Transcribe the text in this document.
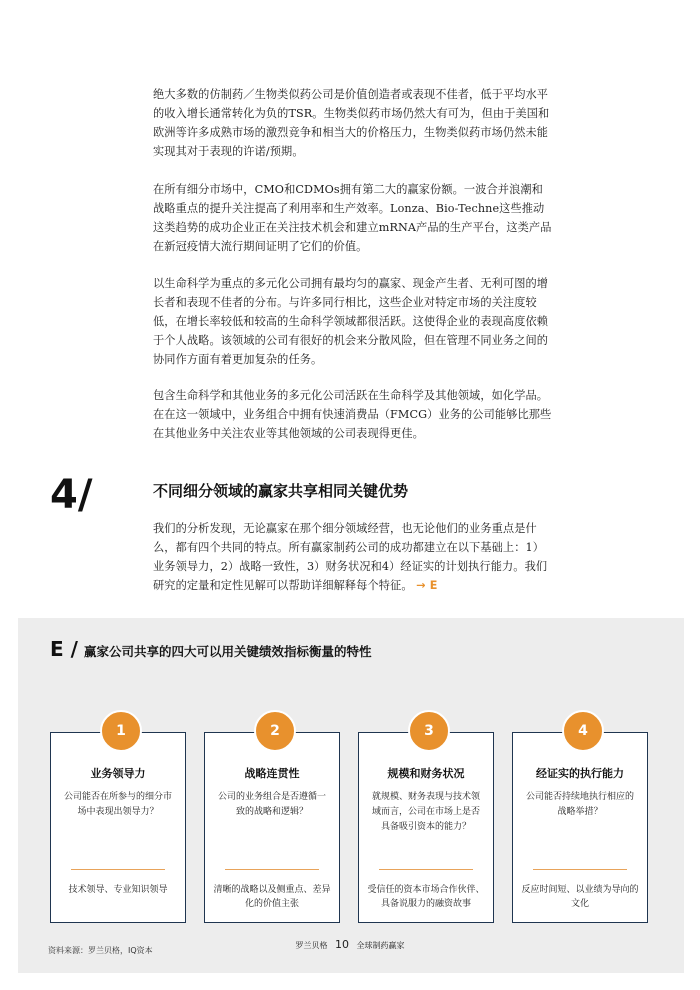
绝大多数的仿制药／生物类似药公司是价值创造者或表现不佳者，低于平均水平的收入增长通常转化为负的TSR。生物类似药市场仍然大有可为，但由于美国和欧洲等许多成熟市场的激烈竞争和相当大的价格压力，生物类似药市场仍然未能实现其对于表现的许诺/预期。
在所有细分市场中，CMO和CDMOs拥有第二大的赢家份额。一波合并浪潮和战略重点的提升关注提高了利用率和生产效率。Lonza、Bio-Techne这些推动这类趋势的成功企业正在关注技术机会和建立mRNA产品的生产平台，这类产品在新冠疫情大流行期间证明了它们的价值。
以生命科学为重点的多元化公司拥有最均匀的赢家、现金产生者、无利可图的增长者和表现不佳者的分布。与许多同行相比，这些企业对特定市场的关注度较低，在增长率较低和较高的生命科学领域都很活跃。这使得企业的表现高度依赖于个人战略。该领域的公司有很好的机会来分散风险，但在管理不同业务之间的协同作方面有着更加复杂的任务。
包含生命科学和其他业务的多元化公司活跃在生命科学及其他领域，如化学品。在在这一领域中，业务组合中拥有快速消费品（FMCG）业务的公司能够比那些在其他业务中关注农业等其他领域的公司表现得更佳。
4/	不同细分领域的赢家共享相同关键优势
我们的分析发现，无论赢家在那个细分领域经营，也无论他们的业务重点是什么，都有四个共同的特点。所有赢家制药公司的成功都建立在以下基础上：1）业务领导力，2）战略一致性，3）财务状况和4）经证实的计划执行能力。我们研究的定量和定性见解可以帮助详细解释每个特征。 → E
E / 赢家公司共享的四大可以用关键绩效指标衡量的特性
业务领导力
公司能否在所参与的细分市场中表现出领导力？
技术领导、专业知识领导
1
战略连贯性
公司的业务组合是否遵循一致的战略和逻辑？
清晰的战略以及侧重点、差异化的价值主张
2
规模和财务状况
就规模、财务表现与技术领域而言，公司在市场上是否具备吸引资本的能力？
受信任的资本市场合作伙伴、具备说服力的融资故事
3
经证实的执行能力
公司能否持续地执行相应的战略举措？
反应时间短、以业绩为导向的文化
4
资料来源：罗兰贝格，IQ资本
罗兰贝格 10 全球制药赢家
